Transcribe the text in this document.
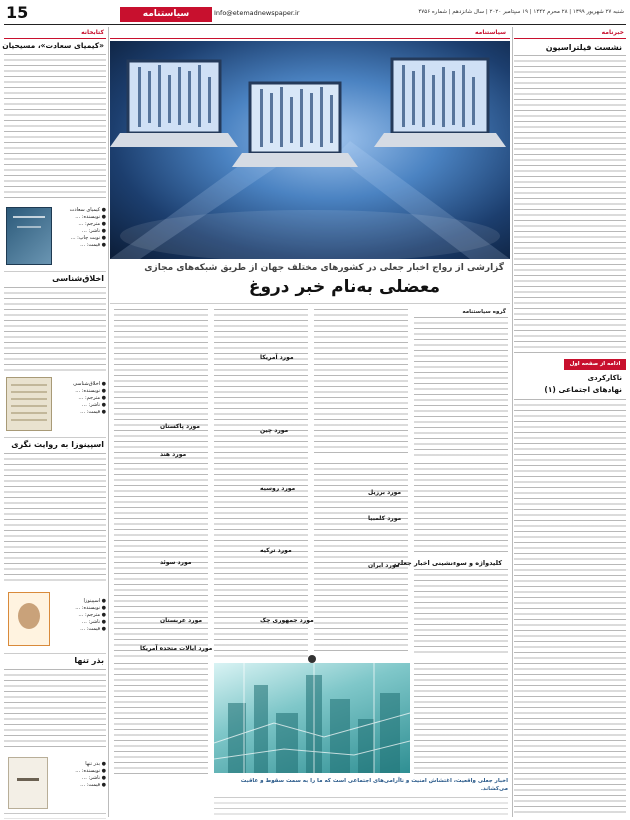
15	سیاستنامه	Info@etemadnewspaper.ir	شنبه ۲۷ شهریور ۱۳۹۹ | ۲۸ محرم ۱۴۴۲ | ۱۹ سپتامبر ۲۰۲۰ | سال شانزدهم | شماره ۴۷۵۶
کتابخانه
«کیمیای سعادت»، مسیحیان
● کیمیای سعادت
● نویسنده: …
● مترجم: …
● ناشر: …
● نوبت چاپ: …
● قیمت: …
اخلاق‌شناسی
● اخلاق‌شناسی
● نویسنده: …
● مترجم: …
● ناشر: …
● قیمت: …
اسپینوزا به روایت نگری
● اسپینوزا
● نویسنده: …
● مترجم: …
● ناشر: …
● قیمت: …
بذر تنها
● بذر تنها
● نویسنده: …
● ناشر: …
● قیمت: …
سیاستنامه
گزارشی از رواج اخبار جعلی در کشورهای مختلف جهان از طریق شبکه‌های مجازی
معضلی به‌نام خبر دروغ
گروه سیاستنامه
مورد آمریکا
مورد چین
مورد روسیه
مورد ترکیه
مورد پاکستان
مورد هند
مورد برزیل
مورد کلمبیا
مورد ایران
مورد سوئد
مورد عربستان	مورد جمهوری چک
مورد ایالات متحده آمریکا
کلیدواژه و سوء‌نشینی اخبار جعلی
اخبار جعلی واقعیت، اغتشاش امنیت و ناآرامی‌های اجتماعی است که ما را به سمت سقوط و عاقبت می‌کشاند.
خبرنامه
نشست فیلتراسیون
ادامه از صفحه اول
ناکارکردی
نهادهای اجتماعی (۱)
